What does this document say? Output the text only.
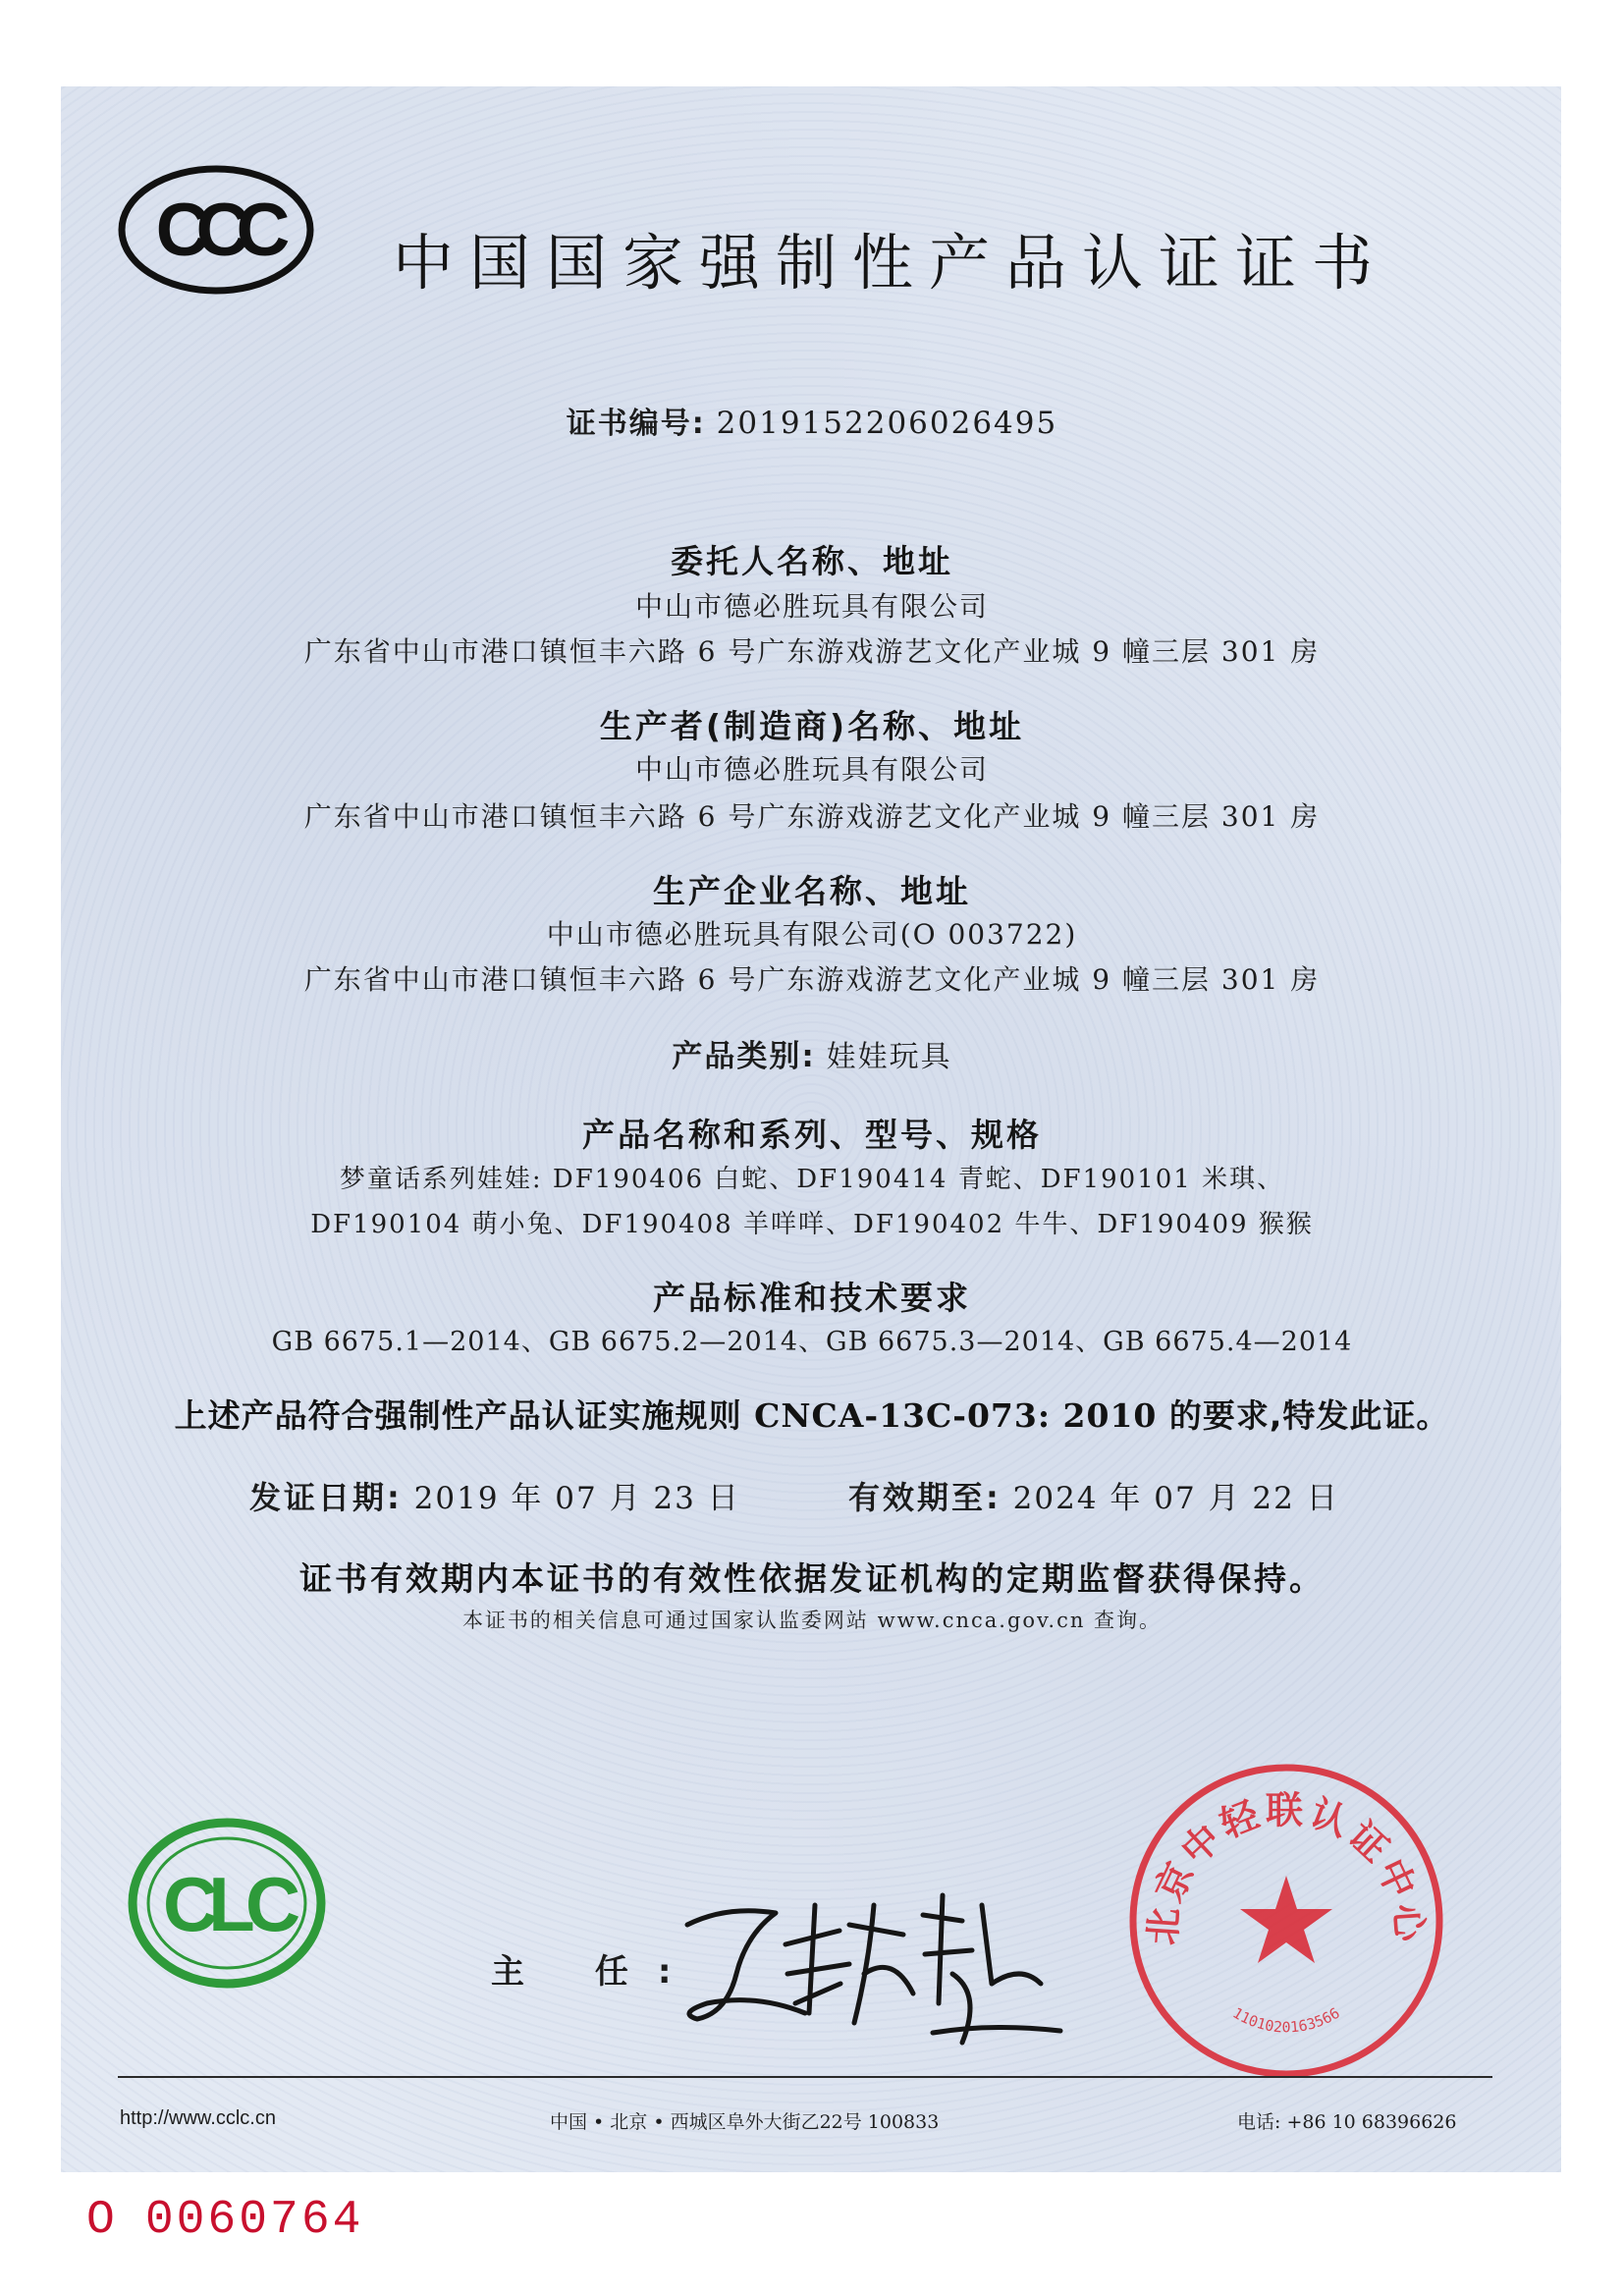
CCC	中国国家强制性产品认证证书
证书编号: 2019152206026495
委托人名称、地址
中山市德必胜玩具有限公司
广东省中山市港口镇恒丰六路 6 号广东游戏游艺文化产业城 9 幢三层 301 房
生产者(制造商)名称、地址
中山市德必胜玩具有限公司
广东省中山市港口镇恒丰六路 6 号广东游戏游艺文化产业城 9 幢三层 301 房
生产企业名称、地址
中山市德必胜玩具有限公司(O 003722)
广东省中山市港口镇恒丰六路 6 号广东游戏游艺文化产业城 9 幢三层 301 房
产品类别: 娃娃玩具
产品名称和系列、型号、规格
梦童话系列娃娃: DF190406 白蛇、DF190414 青蛇、DF190101 米琪、
DF190104 萌小兔、DF190408 羊咩咩、DF190402 牛牛、DF190409 猴猴
产品标准和技术要求
GB 6675.1—2014、GB 6675.2—2014、GB 6675.3—2014、GB 6675.4—2014
上述产品符合强制性产品认证实施规则 CNCA-13C-073: 2010 的要求,特发此证。
发证日期: 2019 年 07 月 23 日	有效期至: 2024 年 07 月 22 日
证书有效期内本证书的有效性依据发证机构的定期监督获得保持。
本证书的相关信息可通过国家认监委网站 www.cnca.gov.cn 查询。
CLC
主 任:
北京中轻联认证中心
1101020163566
http://www.cclc.cn	中国 • 北京 • 西城区阜外大街乙22号 100833	电话: +86 10 68396626
O 0060764
